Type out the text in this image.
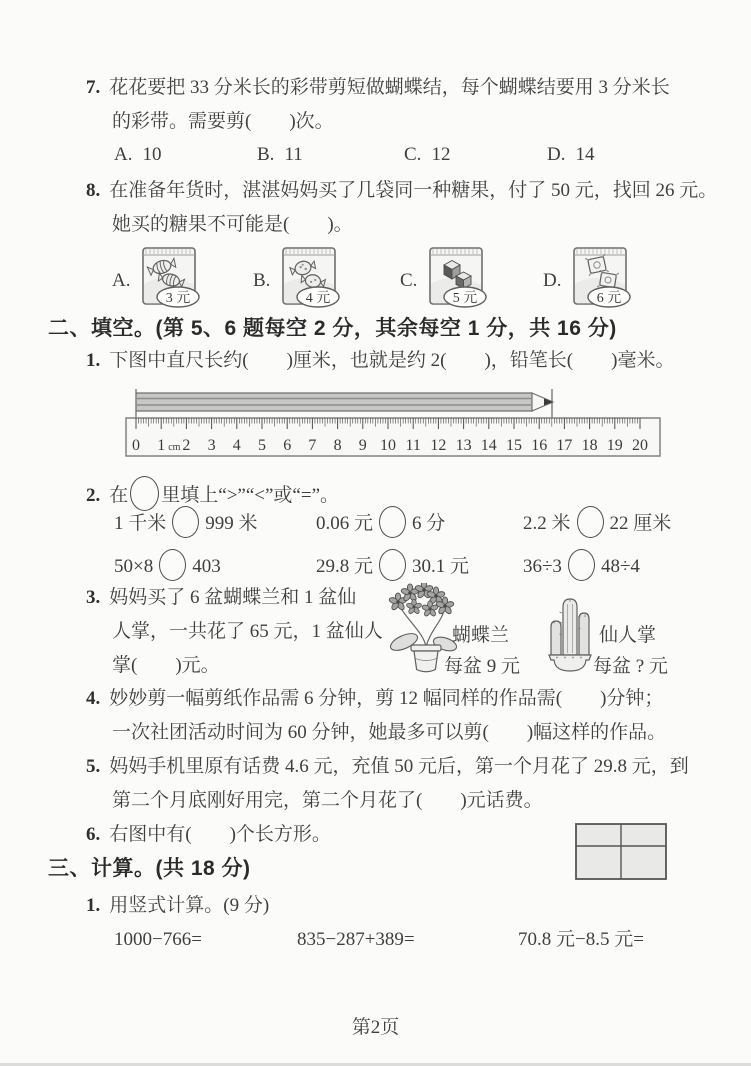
7. 花花要把 33 分米长的彩带剪短做蝴蝶结，每个蝴蝶结要用 3 分米长
的彩带。需要剪(　　)次。
A. 10	B. 11	C. 12	D. 14
8. 在准备年货时，湛湛妈妈买了几袋同一种糖果，付了 50 元，找回 26 元。
她买的糖果不可能是(　　)。
A.
3 元
B.
4 元
C.
5 元
D.
6 元
二、填空。(第 5、6 题每空 2 分，其余每空 1 分，共 16 分)
1. 下图中直尺长约(　　)厘米，也就是约 2(　　)，铅笔长(　　)毫米。
0 1 2 3 4 5 6 7 8 9 10 11 12 13 14 15 16 17 18 19 20
cm
2. 在 里填上“>”“<”或“=”。
1 千米 999 米	0.06 元 6 分	2.2 米 22 厘米
50×8 403	29.8 元 30.1 元	36÷3 48÷4
3. 妈妈买了 6 盆蝴蝶兰和 1 盆仙
人掌，一共花了 65 元，1 盆仙人
掌(　　)元。
蝴蝶兰
每盆 9 元
仙人掌
每盆 ? 元
4. 妙妙剪一幅剪纸作品需 6 分钟，剪 12 幅同样的作品需(　　)分钟；
一次社团活动时间为 60 分钟，她最多可以剪(　　)幅这样的作品。
5. 妈妈手机里原有话费 4.6 元，充值 50 元后，第一个月花了 29.8 元，到
第二个月底刚好用完，第二个月花了(　　)元话费。
6. 右图中有(　　)个长方形。
三、计算。(共 18 分)
1. 用竖式计算。(9 分)
1000−766=	835−287+389=	70.8 元−8.5 元=
第2页
